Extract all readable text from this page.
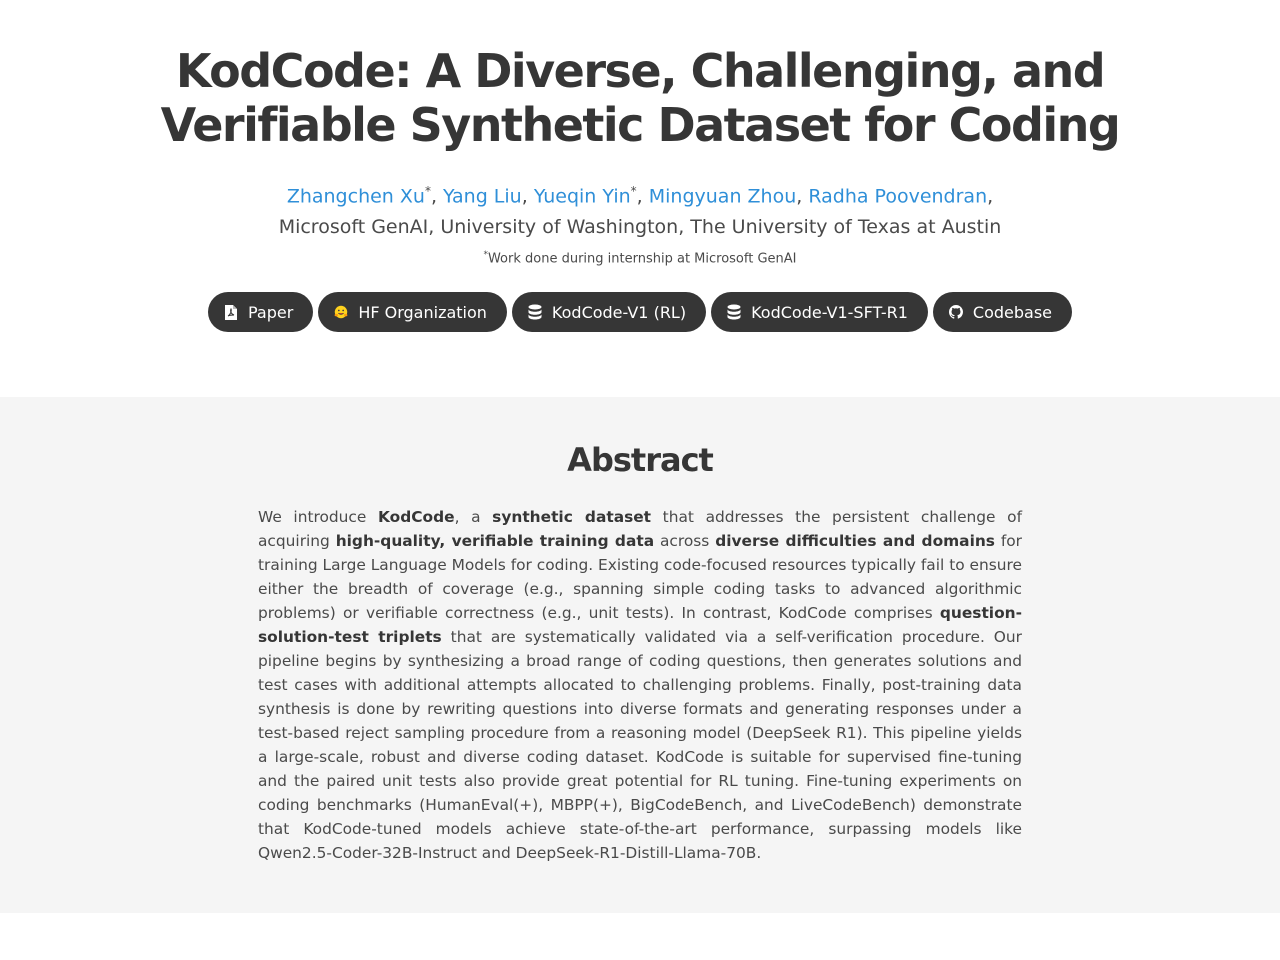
KodCode: A Diverse, Challenging, and
Verifiable Synthetic Dataset for Coding
Zhangchen Xu*, Yang Liu, Yueqin Yin*, Mingyuan Zhou, Radha Poovendran,
Microsoft GenAI, University of Washington, The University of Texas at Austin
*Work done during internship at Microsoft GenAI
Paper	HF Organization	KodCode-V1 (RL)	KodCode-V1-SFT-R1	Codebase
Abstract

We introduce KodCode, a synthetic dataset that addresses the persistent challenge of acquiring high-quality, verifiable training data across diverse difficulties and domains for training Large Language Models for coding. Existing code-focused resources typically fail to ensure either the breadth of coverage (e.g., spanning simple coding tasks to advanced algorithmic problems) or verifiable correctness (e.g., unit tests). In contrast, KodCode comprises question-solution-test triplets that are systematically validated via a self-verification procedure. Our pipeline begins by synthesizing a broad range of coding questions, then generates solutions and test cases with additional attempts allocated to challenging problems. Finally, post-training data synthesis is done by rewriting questions into diverse formats and generating responses under a test-based reject sampling procedure from a reasoning model (DeepSeek R1). This pipeline yields a large-scale, robust and diverse coding dataset. KodCode is suitable for supervised fine-tuning and the paired unit tests also provide great potential for RL tuning. Fine-tuning experiments on coding benchmarks (HumanEval(+), MBPP(+), BigCodeBench, and LiveCodeBench) demonstrate that KodCode-tuned models achieve state-of-the-art performance, surpassing models like Qwen2.5-Coder-32B-Instruct and DeepSeek-R1-Distill-Llama-70B.
